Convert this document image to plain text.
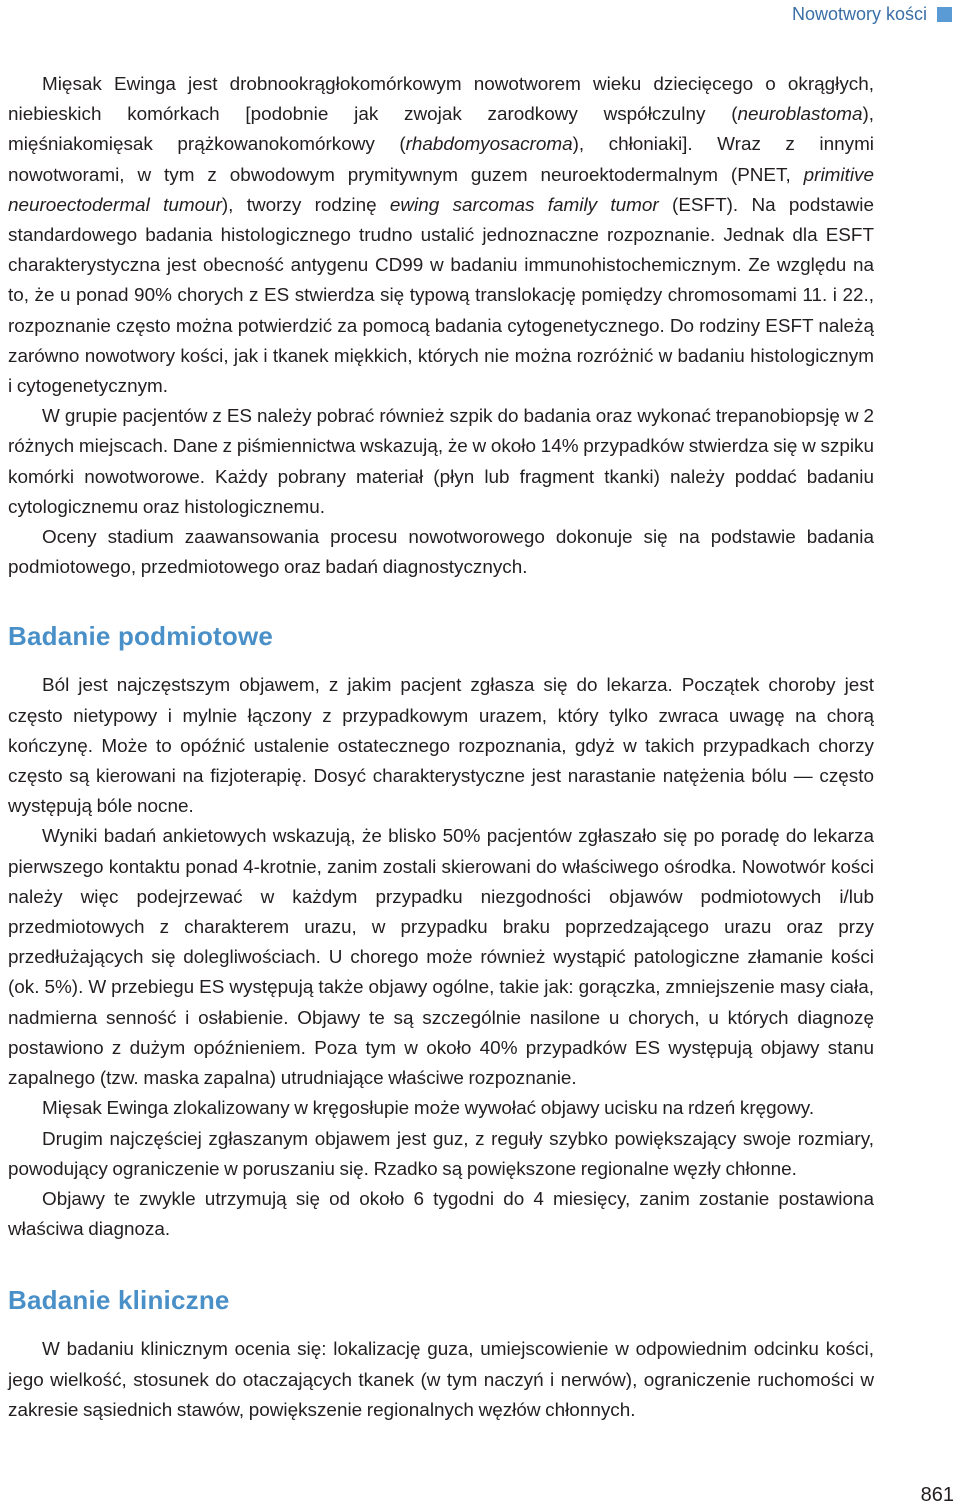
Nowotwory kości

Mięsak Ewinga jest drobnookrągłokomórkowym nowotworem wieku dziecięcego o okrągłych, niebieskich komórkach [podobnie jak zwojak zarodkowy współczulny (neuroblastoma), mięśniakomięsak prążkowanokomórkowy (rhabdomyosacroma), chłoniaki]. Wraz z innymi nowotworami, w tym z obwodowym prymitywnym guzem neuroektodermalnym (PNET, primitive neuroectodermal tumour), tworzy rodzinę ewing sarcomas family tumor (ESFT). Na podstawie standardowego badania histologicznego trudno ustalić jednoznaczne rozpoznanie. Jednak dla ESFT charakterystyczna jest obecność antygenu CD99 w badaniu immunohistochemicznym. Ze względu na to, że u ponad 90% chorych z ES stwierdza się typową translokację pomiędzy chromosomami 11. i 22., rozpoznanie często można potwierdzić za pomocą badania cytogenetycznego. Do rodziny ESFT należą zarówno nowotwory kości, jak i tkanek miękkich, których nie można rozróżnić w badaniu histologicznym i cytogenetycznym.

W grupie pacjentów z ES należy pobrać również szpik do badania oraz wykonać trepanobiopsję w 2 różnych miejscach. Dane z piśmiennictwa wskazują, że w około 14% przypadków stwierdza się w szpiku komórki nowotworowe. Każdy pobrany materiał (płyn lub fragment tkanki) należy poddać badaniu cytologicznemu oraz histologicznemu.

Oceny stadium zaawansowania procesu nowotworowego dokonuje się na podstawie badania podmiotowego, przedmiotowego oraz badań diagnostycznych.

Badanie podmiotowe

Ból jest najczęstszym objawem, z jakim pacjent zgłasza się do lekarza. Początek choroby jest często nietypowy i mylnie łączony z przypadkowym urazem, który tylko zwraca uwagę na chorą kończynę. Może to opóźnić ustalenie ostatecznego rozpoznania, gdyż w takich przypadkach chorzy często są kierowani na fizjoterapię. Dosyć charakterystyczne jest narastanie natężenia bólu — często występują bóle nocne.

Wyniki badań ankietowych wskazują, że blisko 50% pacjentów zgłaszało się po poradę do lekarza pierwszego kontaktu ponad 4-krotnie, zanim zostali skierowani do właściwego ośrodka. Nowotwór kości należy więc podejrzewać w każdym przypadku niezgodności objawów podmiotowych i/lub przedmiotowych z charakterem urazu, w przypadku braku poprzedzającego urazu oraz przy przedłużających się dolegliwościach. U chorego może również wystąpić patologiczne złamanie kości (ok. 5%). W przebiegu ES występują także objawy ogólne, takie jak: gorączka, zmniejszenie masy ciała, nadmierna senność i osłabienie. Objawy te są szczególnie nasilone u chorych, u których diagnozę postawiono z dużym opóźnieniem. Poza tym w około 40% przypadków ES występują objawy stanu zapalnego (tzw. maska zapalna) utrudniające właściwe rozpoznanie.

Mięsak Ewinga zlokalizowany w kręgosłupie może wywołać objawy ucisku na rdzeń kręgowy.

Drugim najczęściej zgłaszanym objawem jest guz, z reguły szybko powiększający swoje rozmiary, powodujący ograniczenie w poruszaniu się. Rzadko są powiększone regionalne węzły chłonne.

Objawy te zwykle utrzymują się od około 6 tygodni do 4 miesięcy, zanim zostanie postawiona właściwa diagnoza.

Badanie kliniczne

W badaniu klinicznym ocenia się: lokalizację guza, umiejscowienie w odpowiednim odcinku kości, jego wielkość, stosunek do otaczających tkanek (w tym naczyń i nerwów), ograniczenie ruchomości w zakresie sąsiednich stawów, powiększenie regionalnych węzłów chłonnych.

861
